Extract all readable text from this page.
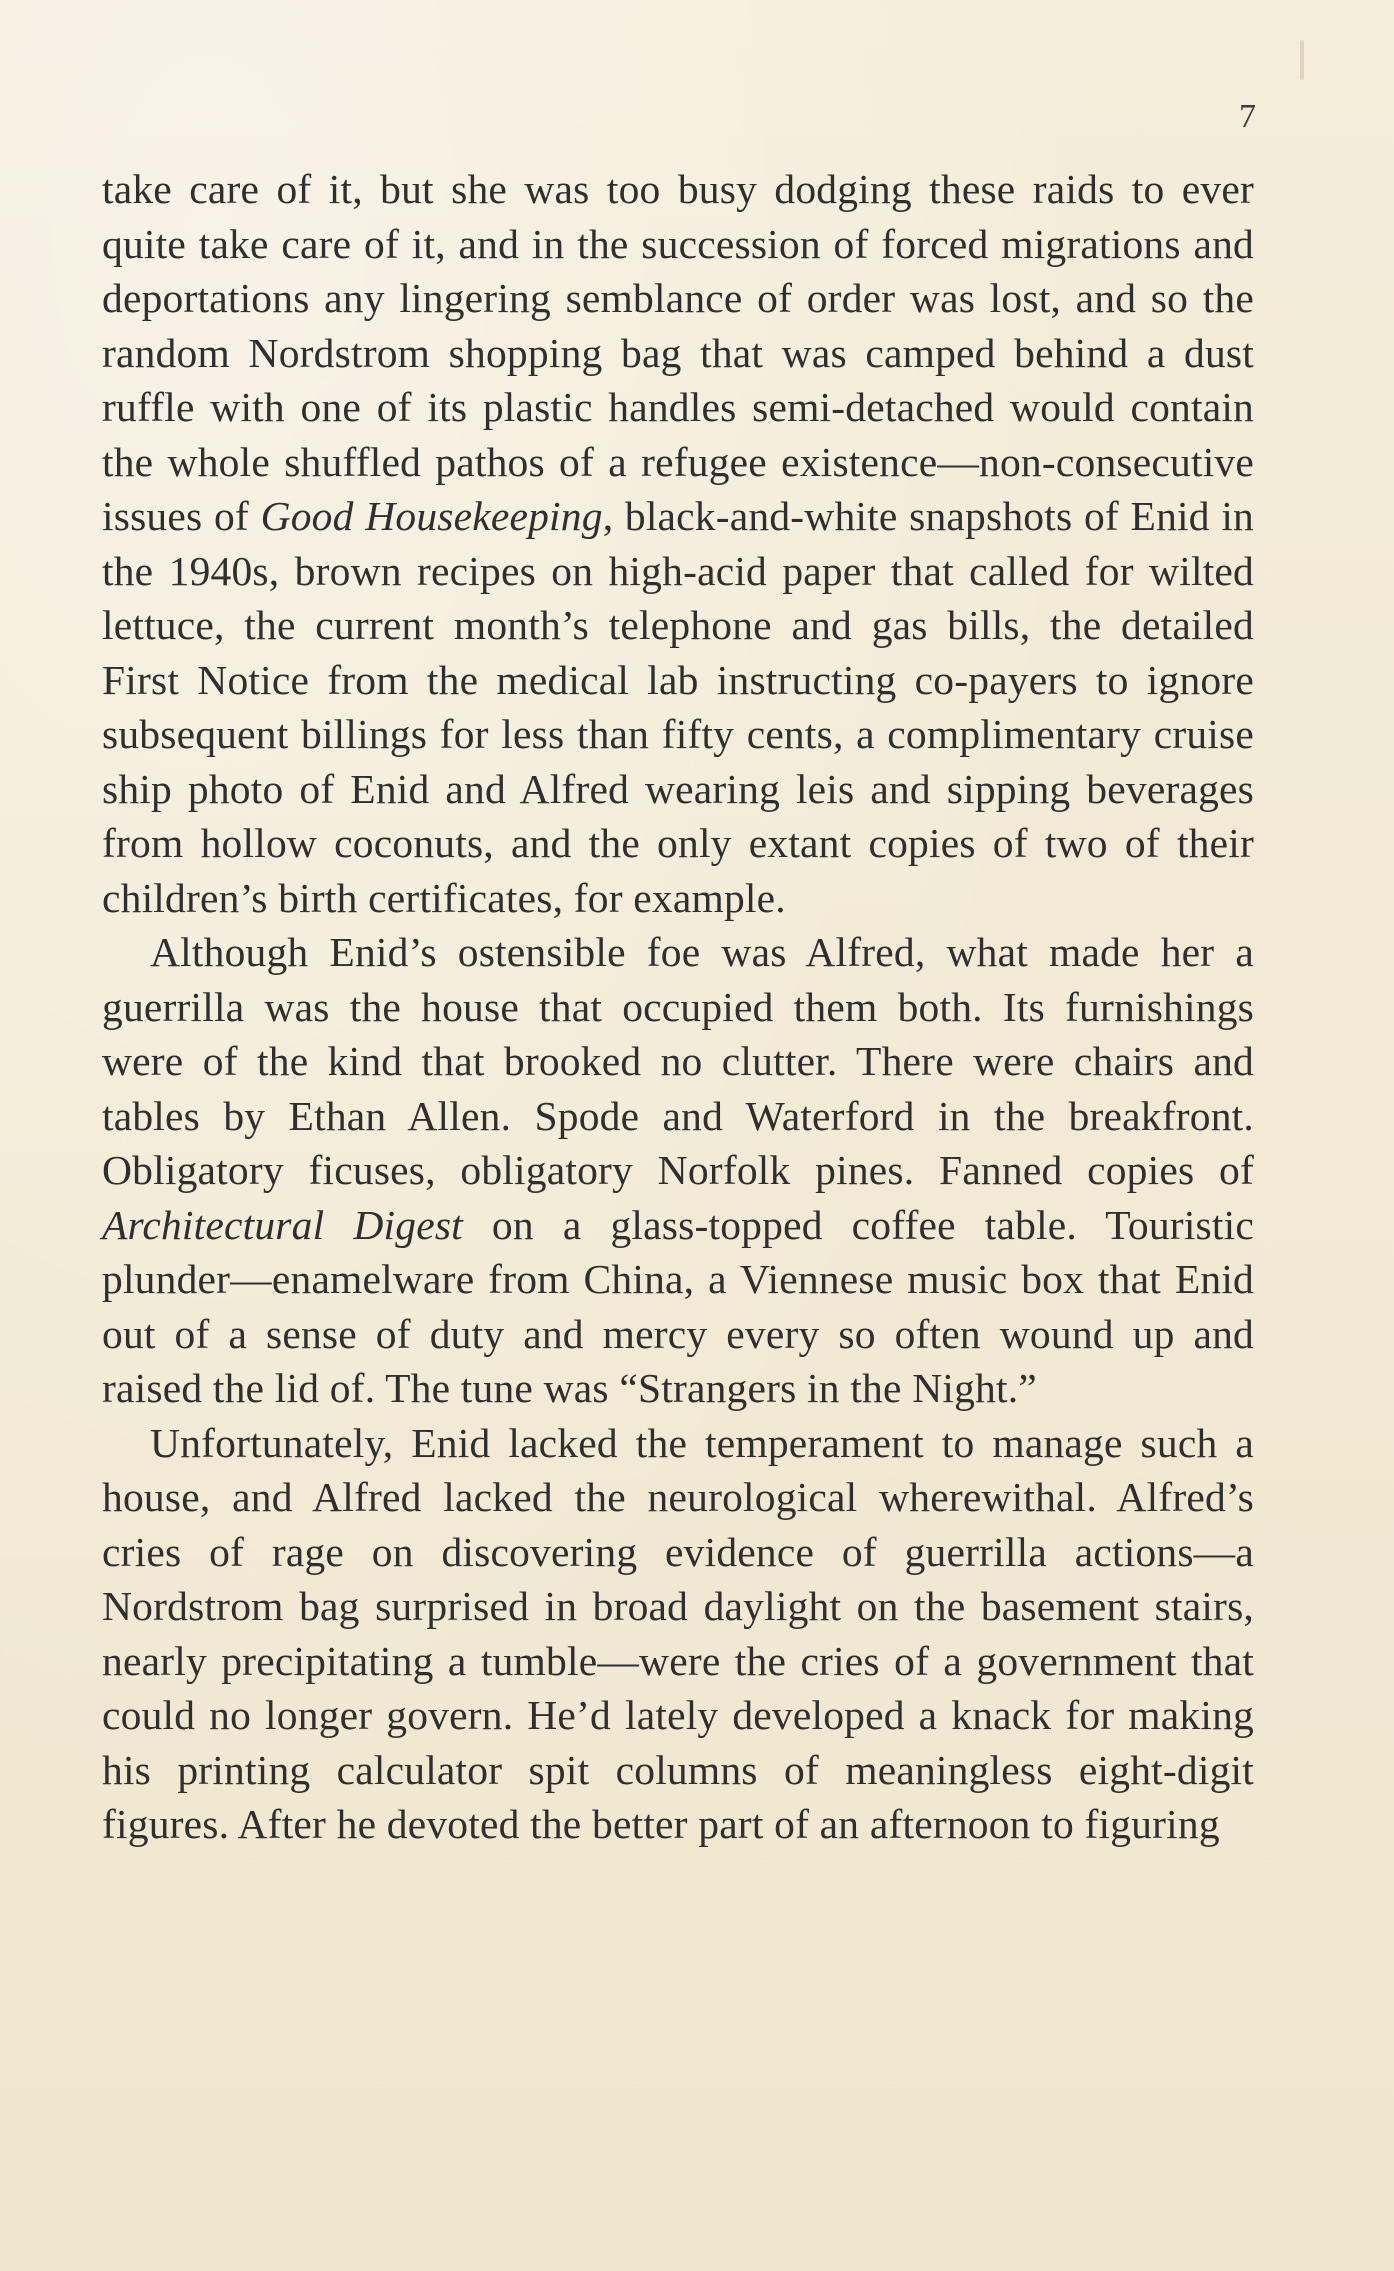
7

take care of it, but she was too busy dodging these raids to ever quite take care of it, and in the succession of forced migrations and deportations any lingering semblance of order was lost, and so the random Nordstrom shopping bag that was camped behind a dust ruffle with one of its plastic handles semi-detached would contain the whole shuffled pathos of a refugee existence—non-consecutive issues of Good Housekeeping, black-and-white snapshots of Enid in the 1940s, brown recipes on high-acid paper that called for wilted lettuce, the current month’s telephone and gas bills, the detailed First Notice from the medical lab instructing co-payers to ignore subsequent billings for less than fifty cents, a complimentary cruise ship photo of Enid and Alfred wearing leis and sipping beverages from hollow coconuts, and the only extant copies of two of their children’s birth certificates, for example.

Although Enid’s ostensible foe was Alfred, what made her a guerrilla was the house that occupied them both. Its furnishings were of the kind that brooked no clutter. There were chairs and tables by Ethan Allen. Spode and Waterford in the breakfront. Obligatory ficuses, obligatory Norfolk pines. Fanned copies of Architectural Digest on a glass-topped coffee table. Touristic plunder—enamelware from China, a Viennese music box that Enid out of a sense of duty and mercy every so often wound up and raised the lid of. The tune was “Strangers in the Night.”

Unfortunately, Enid lacked the temperament to manage such a house, and Alfred lacked the neurological wherewithal. Alfred’s cries of rage on discovering evidence of guerrilla actions—a Nordstrom bag surprised in broad daylight on the basement stairs, nearly precipitating a tumble—were the cries of a government that could no longer govern. He’d lately developed a knack for making his printing calculator spit columns of meaningless eight-digit figures. After he devoted the better part of an afternoon to figuring
